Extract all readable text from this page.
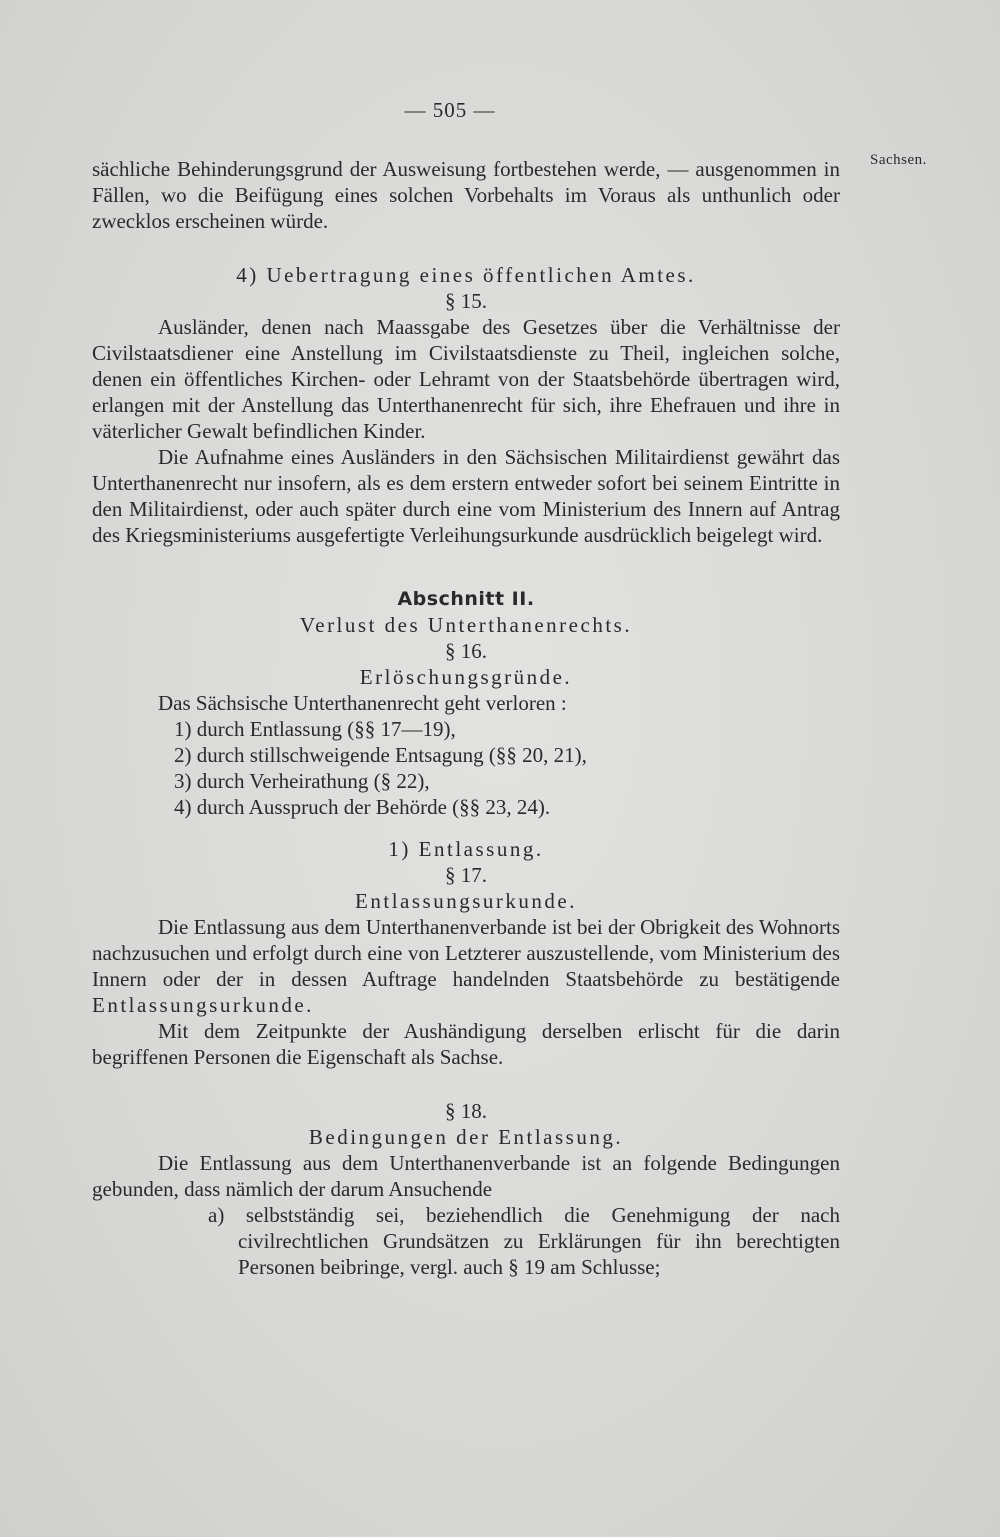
— 505 —
Sachsen.

sächliche Behinderungsgrund der Ausweisung fortbestehen werde, — ausgenommen in Fällen, wo die Beifügung eines solchen Vorbehalts im Voraus als unthunlich oder zwecklos erscheinen würde.

4) Uebertragung eines öffentlichen Amtes.

§ 15.

Ausländer, denen nach Maassgabe des Gesetzes über die Verhältnisse der Civilstaatsdiener eine Anstellung im Civilstaatsdienste zu Theil, ingleichen solche, denen ein öffentliches Kirchen- oder Lehramt von der Staatsbehörde übertragen wird, erlangen mit der Anstellung das Unterthanenrecht für sich, ihre Ehefrauen und ihre in väterlicher Gewalt befindlichen Kinder.

Die Aufnahme eines Ausländers in den Sächsischen Militairdienst gewährt das Unterthanenrecht nur insofern, als es dem erstern entweder sofort bei seinem Eintritte in den Militairdienst, oder auch später durch eine vom Ministerium des Innern auf Antrag des Kriegsministeriums ausgefertigte Verleihungsurkunde ausdrücklich beigelegt wird.

Abschnitt II.

Verlust des Unterthanenrechts.

§ 16.

Erlöschungsgründe.

Das Sächsische Unterthanenrecht geht verloren :

1) durch Entlassung (§§ 17—19),

2) durch stillschweigende Entsagung (§§ 20, 21),

3) durch Verheirathung (§ 22),

4) durch Ausspruch der Behörde (§§ 23, 24).

1) Entlassung.

§ 17.

Entlassungsurkunde.

Die Entlassung aus dem Unterthanenverbande ist bei der Obrigkeit des Wohnorts nachzusuchen und erfolgt durch eine von Letzterer auszustellende, vom Ministerium des Innern oder der in dessen Auftrage handelnden Staatsbehörde zu bestätigende Entlassungsurkunde.

Mit dem Zeitpunkte der Aushändigung derselben erlischt für die darin begriffenen Personen die Eigenschaft als Sachse.

§ 18.

Bedingungen der Entlassung.

Die Entlassung aus dem Unterthanenverbande ist an folgende Bedingungen gebunden, dass nämlich der darum Ansuchende

a) selbstständig sei, beziehendlich die Genehmigung der nach civilrechtlichen Grundsätzen zu Erklärungen für ihn berechtigten Personen beibringe, vergl. auch § 19 am Schlusse;
